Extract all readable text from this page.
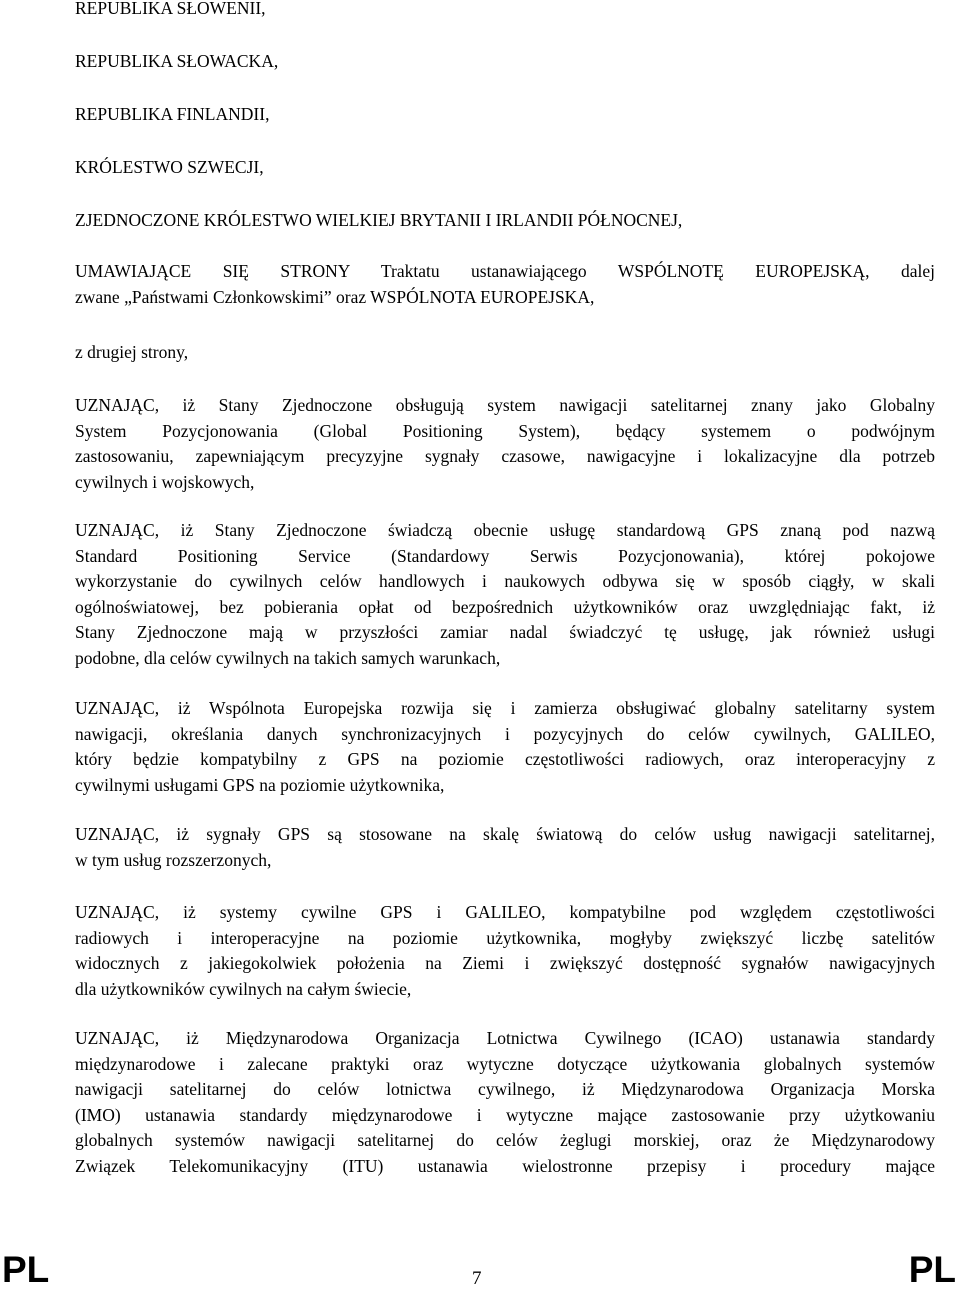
REPUBLIKA SŁOWENII,
REPUBLIKA SŁOWACKA,
REPUBLIKA FINLANDII,
KRÓLESTWO SZWECJI,
ZJEDNOCZONE KRÓLESTWO WIELKIEJ BRYTANII I IRLANDII PÓŁNOCNEJ,
UMAWIAJĄCE SIĘ STRONY Traktatu ustanawiającego WSPÓLNOTĘ EUROPEJSKĄ, dalej
zwane „Państwami Członkowskimi” oraz WSPÓLNOTA EUROPEJSKA,
z drugiej strony,
UZNAJĄC, iż Stany Zjednoczone obsługują system nawigacji satelitarnej znany jako Globalny
System Pozycjonowania (Global Positioning System), będący systemem o podwójnym
zastosowaniu, zapewniającym precyzyjne sygnały czasowe, nawigacyjne i lokalizacyjne dla potrzeb
cywilnych i wojskowych,
UZNAJĄC, iż Stany Zjednoczone świadczą obecnie usługę standardową GPS znaną pod nazwą
Standard Positioning Service (Standardowy Serwis Pozycjonowania), której pokojowe
wykorzystanie do cywilnych celów handlowych i naukowych odbywa się w sposób ciągły, w skali
ogólnoświatowej, bez pobierania opłat od bezpośrednich użytkowników oraz uwzględniając fakt, iż
Stany Zjednoczone mają w przyszłości zamiar nadal świadczyć tę usługę, jak również usługi
podobne, dla celów cywilnych na takich samych warunkach,
UZNAJĄC, iż Wspólnota Europejska rozwija się i zamierza obsługiwać globalny satelitarny system
nawigacji, określania danych synchronizacyjnych i pozycyjnych do celów cywilnych, GALILEO,
który będzie kompatybilny z GPS na poziomie częstotliwości radiowych, oraz interoperacyjny z
cywilnymi usługami GPS na poziomie użytkownika,
UZNAJĄC, iż sygnały GPS są stosowane na skalę światową do celów usług nawigacji satelitarnej,
w tym usług rozszerzonych,
UZNAJĄC, iż systemy cywilne GPS i GALILEO, kompatybilne pod względem częstotliwości
radiowych i interoperacyjne na poziomie użytkownika, mogłyby zwiększyć liczbę satelitów
widocznych z jakiegokolwiek położenia na Ziemi i zwiększyć dostępność sygnałów nawigacyjnych
dla użytkowników cywilnych na całym świecie,
UZNAJĄC, iż Międzynarodowa Organizacja Lotnictwa Cywilnego (ICAO) ustanawia standardy
międzynarodowe i zalecane praktyki oraz wytyczne dotyczące użytkowania globalnych systemów
nawigacji satelitarnej do celów lotnictwa cywilnego, iż Międzynarodowa Organizacja Morska
(IMO) ustanawia standardy międzynarodowe i wytyczne mające zastosowanie przy użytkowaniu
globalnych systemów nawigacji satelitarnej do celów żeglugi morskiej, oraz że Międzynarodowy
Związek Telekomunikacyjny (ITU) ustanawia wielostronne przepisy i procedury mające
PL	7	PL
